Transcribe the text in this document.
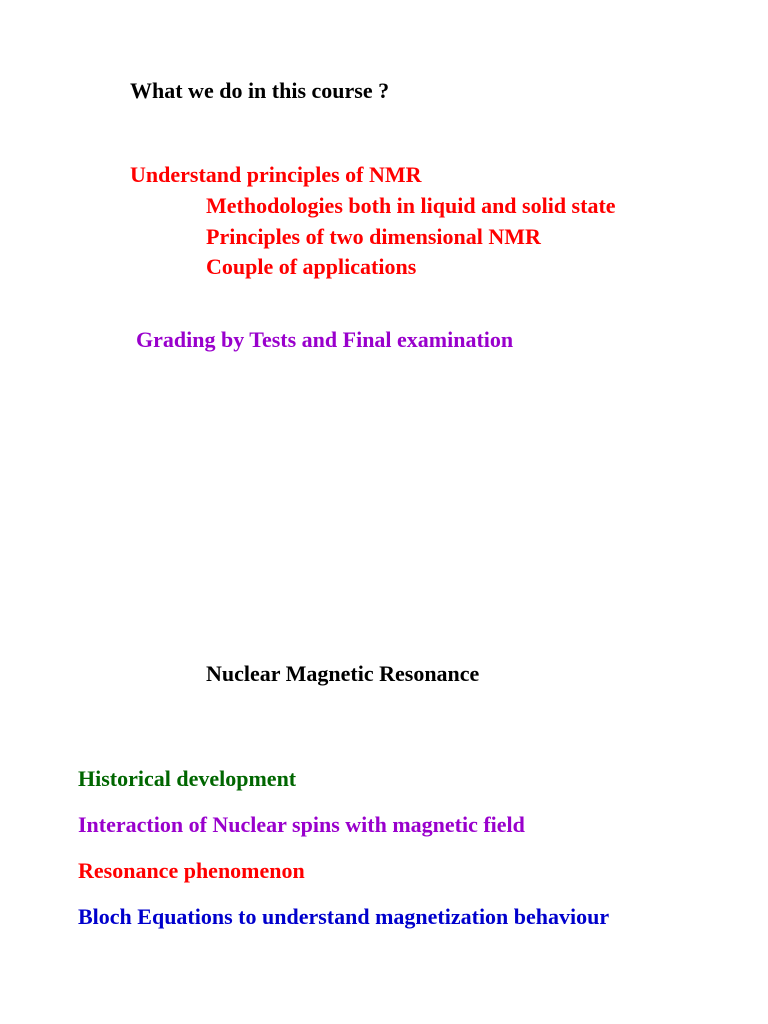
What we do in this course ?
Understand principles of NMR
Methodologies both in liquid and solid state
Principles of two dimensional NMR
Couple of applications
Grading by Tests and Final examination
Nuclear Magnetic Resonance
Historical development
Interaction of Nuclear spins with magnetic field
Resonance phenomenon
Bloch Equations to understand magnetization behaviour
